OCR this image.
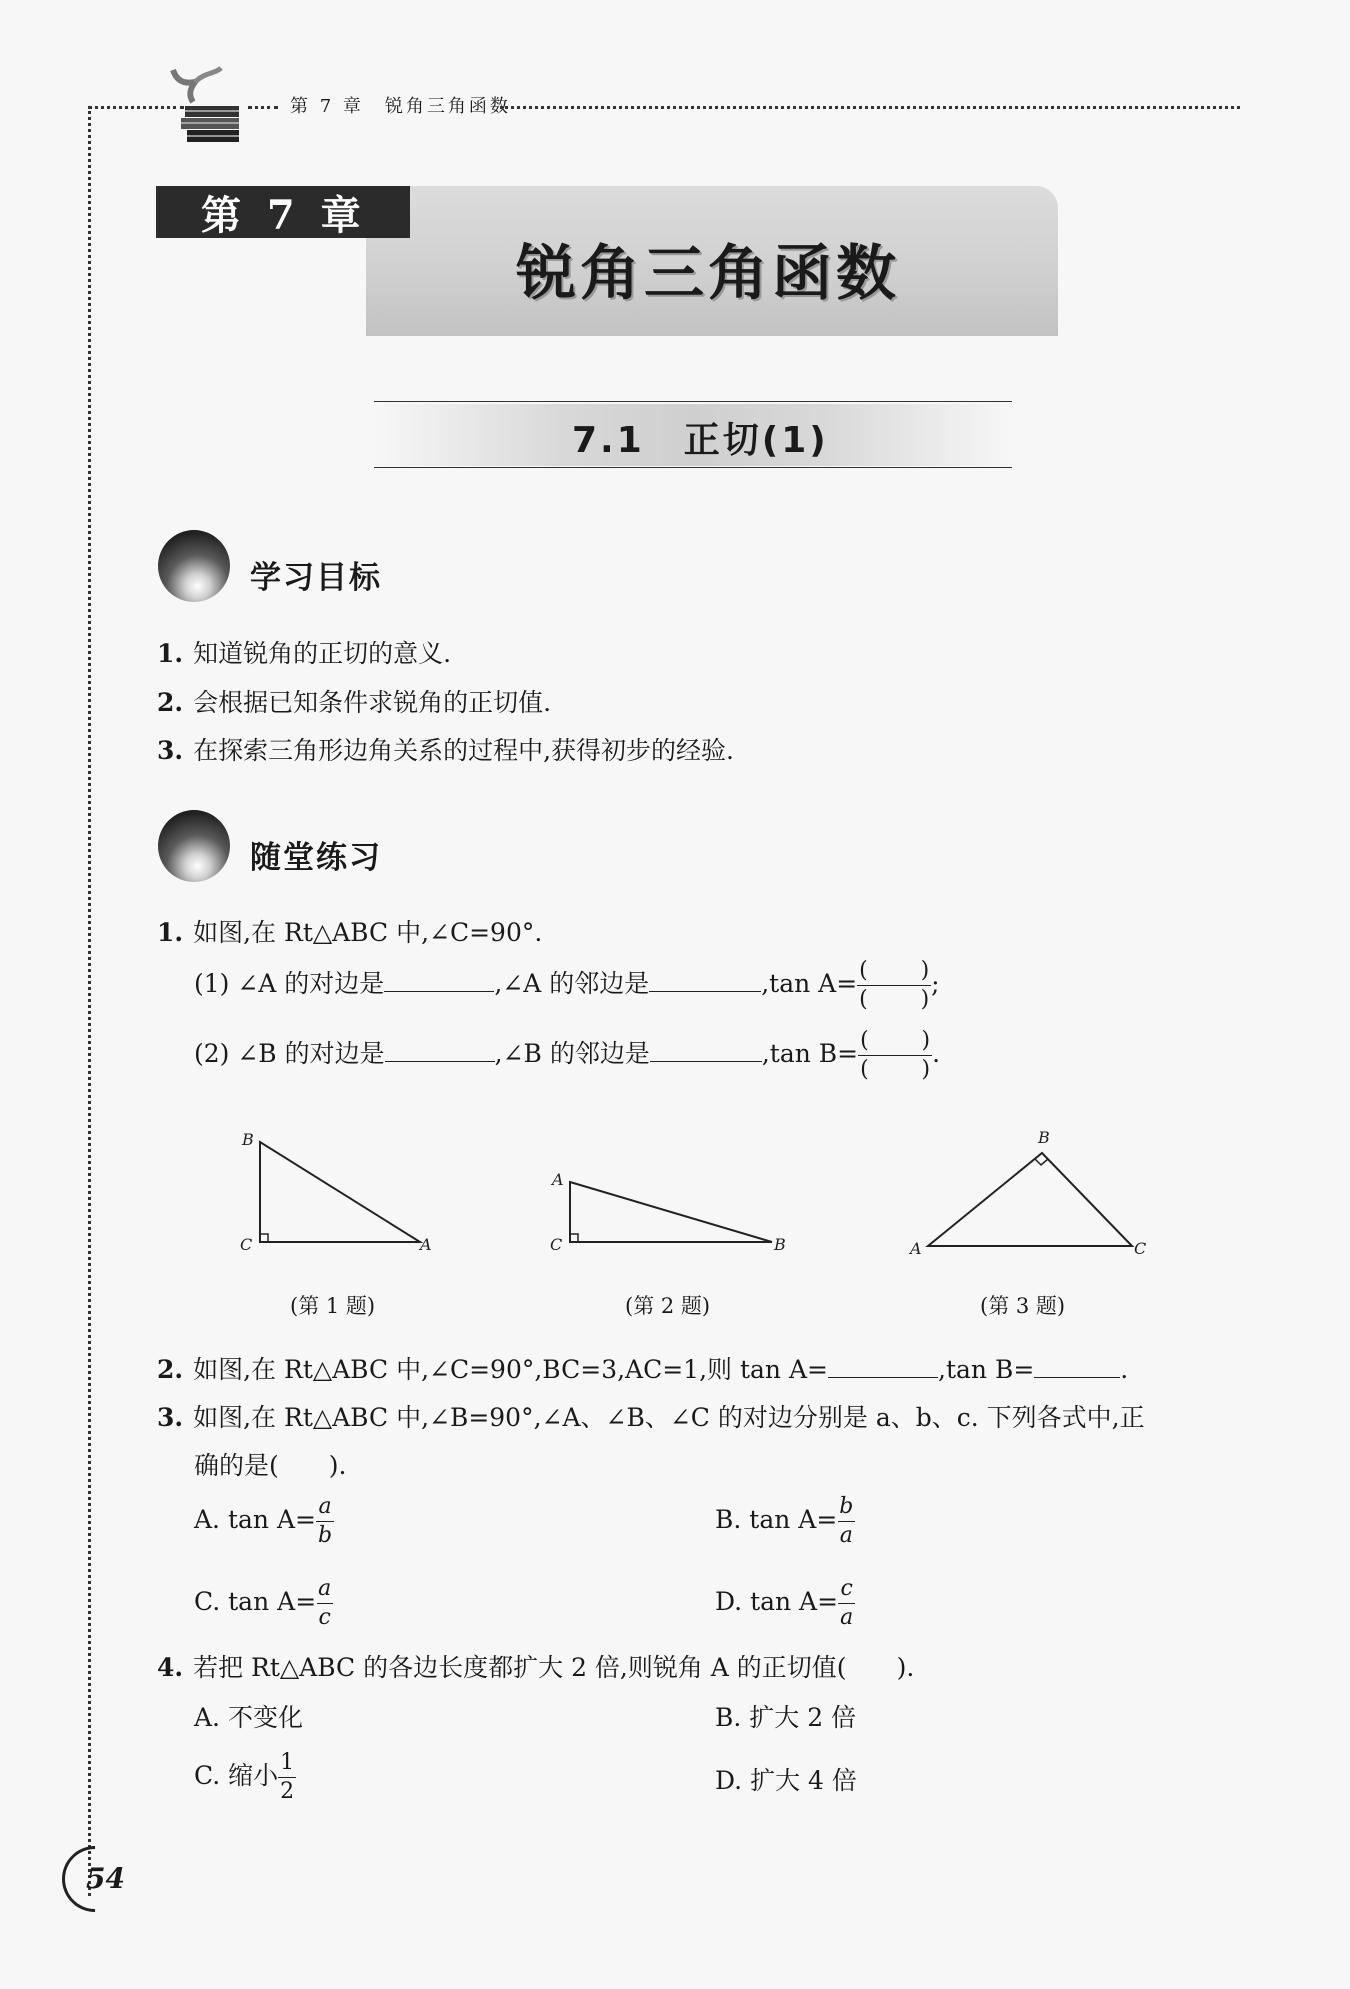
第 7 章　锐角三角函数
锐角三角函数
第 7 章
7.1　正切(1)
学习目标
1. 知道锐角的正切的意义.
2. 会根据已知条件求锐角的正切值.
3. 在探索三角形边角关系的过程中,获得初步的经验.
随堂练习
1. 如图,在 Rt△ABC 中,∠C=90°.
(1) ∠A 的对边是	,∠A 的邻边是	,tan $A= \frac{( )}{( )}$ ;
(2) ∠B 的对边是	,∠B 的邻边是	,tan $B= \frac{( )}{( )}$ .
B
C	A
(第 1 题)
A
C	B
(第 2 题)
B
A	C
(第 3 题)
2. 如图,在 Rt△ABC 中,∠C=90°,BC=3,AC=1,则 tan A=	,tan B=	.
3. 如图,在 Rt△ABC 中,∠B=90°,∠A、∠B、∠C 的对边分别是 a、b、c. 下列各式中,正
确的是(　　).
A. $\tan A= \frac{a}{b}$	B. $\tan A= \frac{b}{a}$
C. $\tan A= \frac{a}{c}$	D. $\tan A= \frac{c}{a}$
4. 若把 Rt△ABC 的各边长度都扩大 2 倍,则锐角 A 的正切值(　　).
A. 不变化	B. 扩大 2 倍
C. 缩小 $\frac{1}{2}$	D. 扩大 4 倍
54
